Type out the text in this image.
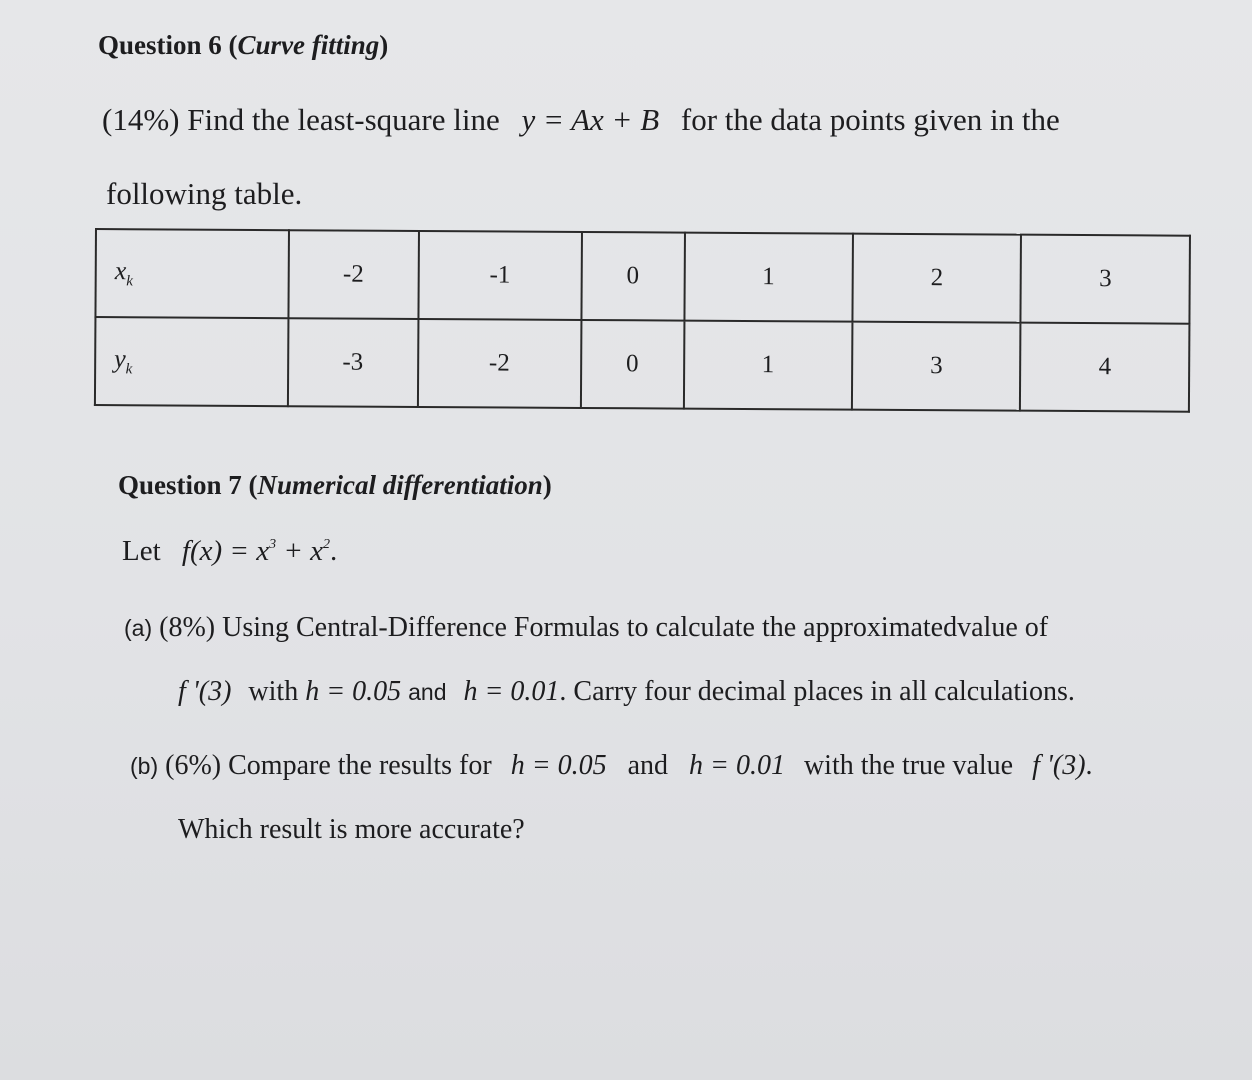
Question 6 (Curve fitting)
(14%) Find the least-square line y = Ax + B for the data points given in the
following table.
$x_k$	-2	-1	0	1	2	3
$y_k$	-3	-2	0	1	3	4
Question 7 (Numerical differentiation)
Let $f(x) = x^3 + x^2$.
(a) (8%) Using Central-Difference Formulas to calculate the approximatedvalue of
f '(3) with h = 0.05 and h = 0.01. Carry four decimal places in all calculations.
(b) (6%) Compare the results for h = 0.05 and h = 0.01 with the true value f '(3).
Which result is more accurate?
